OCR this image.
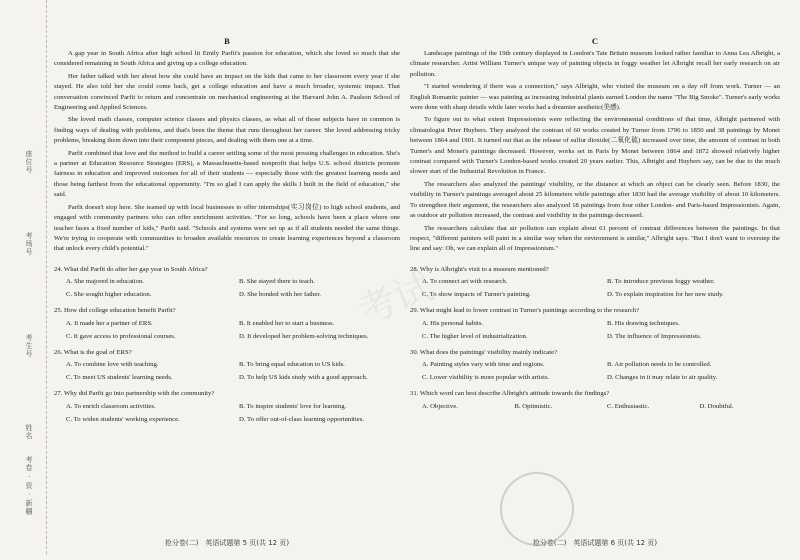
座位号
考场号
考生号
姓名
考卷 · 资 · 新疆

B

A gap year in South Africa after high school lit Emily Parfit's passion for education, which she loved so much that she considered remaining in South Africa and giving up a college education.

Her father talked with her about how she could have an impact on the kids that came to her classroom every year if she stayed. He also told her she could come back, get a college education and have a much broader, systemic impact. That conversation convinced Parfit to return and concentrate on mechanical engineering at the Harvard John A. Paulson School of Engineering and Applied Sciences.

She loved math classes, computer science classes and physics classes, as what all of those subjects have in common is finding ways of dealing with problems, and that's been the theme that runs throughout her career. She loved addressing tricky problems, breaking them down into their component pieces, and dealing with them one at a time.

Parfit combined that love and the method to build a career settling some of the most pressing challenges in education. She's a partner at Education Resource Strategies (ERS), a Massachusetts-based nonprofit that helps U.S. school districts promote fairness in education and improved outcomes for all of their students — especially those with the greatest learning needs and those being farthest from the educational opportunity. "I'm so glad I can apply the skills I built in the field of education," she said.

Parfit doesn't stop here. She teamed up with local businesses to offer internships(实习岗位) to high school students, and engaged with community partners who can offer enrichment activities. "For so long, schools have been a place where one teacher faces a fixed number of kids," Parfit said. "Schools and systems were set up as if all students needed the same things. We're trying to cooperate with communities to broaden available resources to create learning experiences beyond a classroom that unlock every child's potential."

24. What did Parfit do after her gap year in South Africa?

A. She majored in education.	B. She stayed there to teach.
C. She sought higher education.	D. She bonded with her father.

25. How did college education benefit Parfit?

A. It made her a partner of ERS.	B. It enabled her to start a business.
C. It gave access to professional courses.	D. It developed her problem-solving techniques.

26. What is the goal of ERS?

A. To combine love with teaching.	B. To bring equal education to US kids.
C. To meet US students' learning needs.	D. To help US kids study with a good approach.

27. Why did Parfit go into partnership with the community?

A. To enrich classroom activities.	B. To inspire students' love for learning.
C. To widen students' working experience.	D. To offer out-of-class learning opportunities.
抢分卷(二)　英语试题第 5 页(共 12 页)

C

Landscape paintings of the 19th century displayed in London's Tate Britain museum looked rather familiar to Anna Lea Albright, a climate researcher. Artist William Turner's unique way of painting objects in foggy weather let Albright recall her early research on air pollution.

"I started wondering if there was a connection," says Albright, who visited the museum on a day off from work. Turner — an English Romantic painter — was painting as increasing industrial plants earned London the name "The Big Smoke". Turner's early works were done with sharp details while later works had a dreamier aesthetic(美感).

To figure out to what extent Impressionists were reflecting the environmental conditions of that time, Albright partnered with climatologist Peter Huybers. They analyzed the contrast of 60 works created by Turner from 1796 to 1850 and 38 paintings by Monet between 1864 and 1901. It turned out that as the release of sulfur dioxide(二氧化硫) increased over time, the amount of contrast in both Turner's and Monet's paintings decreased. However, works set in Paris by Monet between 1864 and 1872 showed relatively higher contrast compared with Turner's London-based works created 20 years earlier. This, Albright and Huybers say, can be due to the much slower start of the Industrial Revolution in France.

The researchers also analyzed the paintings' visibility, or the distance at which an object can be clearly seen. Before 1830, the visibility in Turner's paintings averaged about 25 kilometers while paintings after 1830 had the average visibility of about 10 kilometers. To strengthen their argument, the researchers also analyzed 18 paintings from four other London- and Paris-based Impressionists. Again, as outdoor air pollution increased, the contrast and visibility in the paintings decreased.

The researchers calculate that air pollution can explain about 61 percent of contrast differences between the paintings. In that respect, "different painters will paint in a similar way when the environment is similar," Albright says. "But I don't want to overstep the line and say: Oh, we can explain all of Impressionism."

28. Why is Albright's visit to a museum mentioned?

A. To connect art with research.	B. To introduce previous foggy weather.
C. To show impacts of Turner's painting.	D. To explain inspiration for her new study.

29. What might lead to lower contrast in Turner's paintings according to the research?

A. His personal habits.	B. His drawing techniques.
C. The higher level of industrialization.	D. The influence of Impressionists.

30. What does the paintings' visibility mainly indicate?

A. Painting styles vary with time and regions.	B. Air pollution needs to be controlled.
C. Lower visibility is more popular with artists.	D. Changes in it may relate to air quality.

31. Which word can best describe Albright's attitude towards the findings?

A. Objective.	B. Optimistic.	C. Enthusiastic.	D. Doubtful.
抢分卷(二)　英语试题第 6 页(共 12 页)
考试
